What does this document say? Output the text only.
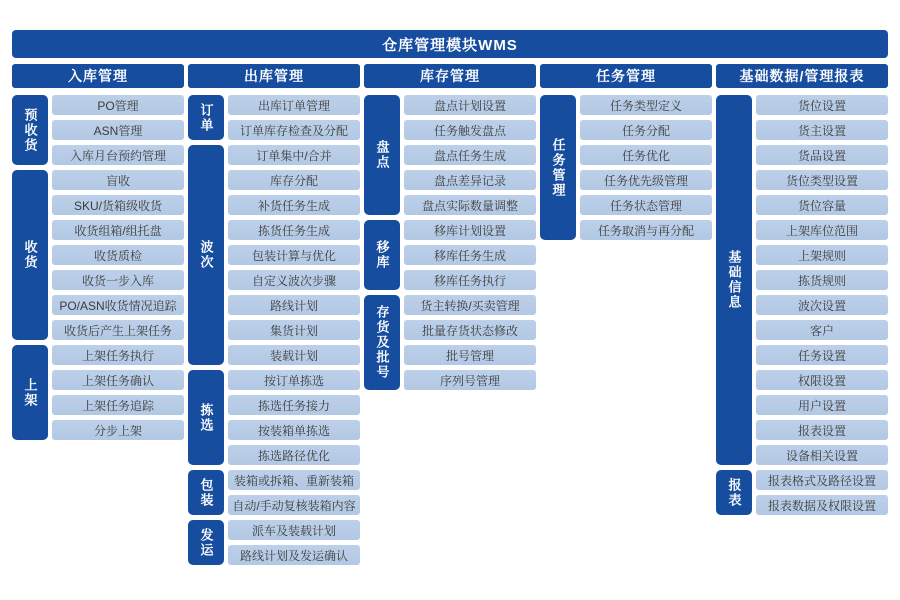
仓库管理模块WMS
入库管理
预收货
PO管理
ASN管理
入库月台预约管理
收货
盲收
SKU/货箱级收货
收货组箱/组托盘
收货质检
收货一步入库
PO/ASN收货情况追踪
收货后产生上架任务
上架
上架任务执行
上架任务确认
上架任务追踪
分步上架
出库管理
订单	出库订单管理
订单库存检查及分配
波次
订单集中/合并
库存分配
补货任务生成
拣货任务生成
包装计算与优化
自定义波次步骤
路线计划
集货计划
装载计划
拣选
按订单拣选
拣选任务接力
按装箱单拣选
拣选路径优化
包装	装箱或拆箱、重新装箱
自动/手动复核装箱内容
发运	派车及装载计划
路线计划及发运确认
库存管理
盘点
盘点计划设置
任务触发盘点
盘点任务生成
盘点差异记录
盘点实际数量调整
移库
移库计划设置
移库任务生成
移库任务执行
存货及批号	货主转换/买卖管理
批量存货状态修改
批号管理
序列号管理
任务管理
任务管理
任务类型定义
任务分配
任务优化
任务优先级管理
任务状态管理
任务取消与再分配
基础数据/管理报表
基础信息
货位设置
货主设置
货品设置
货位类型设置
货位容量
上架库位范围
上架规则
拣货规则
波次设置
客户
任务设置
权限设置
用户设置
报表设置
设备相关设置
报表	报表格式及路径设置
报表数据及权限设置
